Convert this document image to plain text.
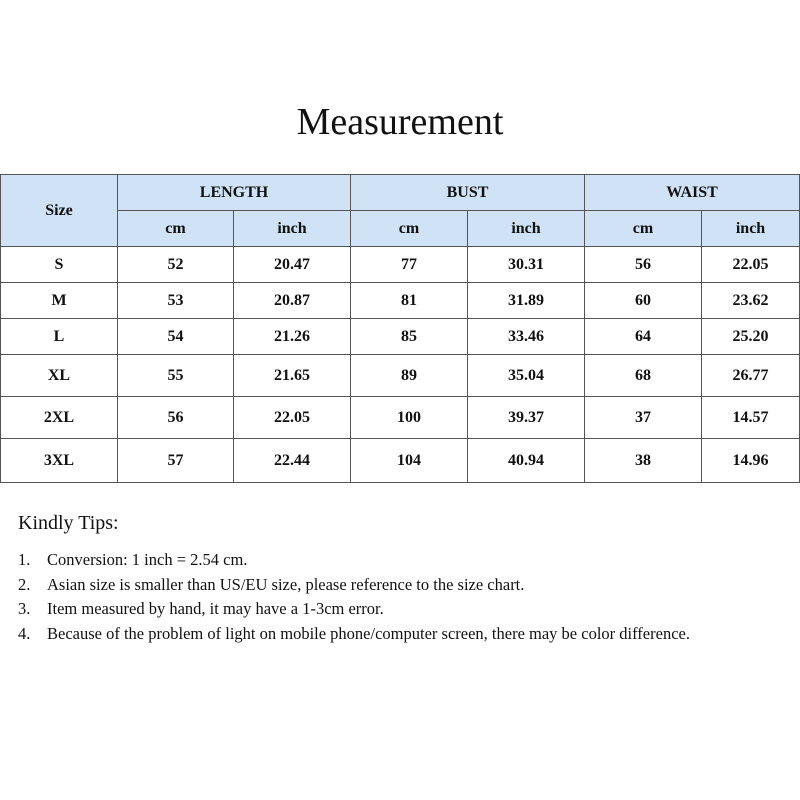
Measurement
Size	LENGTH		BUST		WAIST	
	cm	inch	cm	inch	cm	inch
S	52	20.47	77	30.31	56	22.05
M	53	20.87	81	31.89	60	23.62
L	54	21.26	85	33.46	64	25.20
XL	55	21.65	89	35.04	68	26.77
2XL	56	22.05	100	39.37	37	14.57
3XL	57	22.44	104	40.94	38	14.96
Kindly Tips:
1. Conversion: 1 inch = 2.54 cm.
2. Asian size is smaller than US/EU size, please reference to the size chart.
3. Item measured by hand, it may have a 1-3cm error.
4. Because of the problem of light on mobile phone/computer screen, there may be color difference.
